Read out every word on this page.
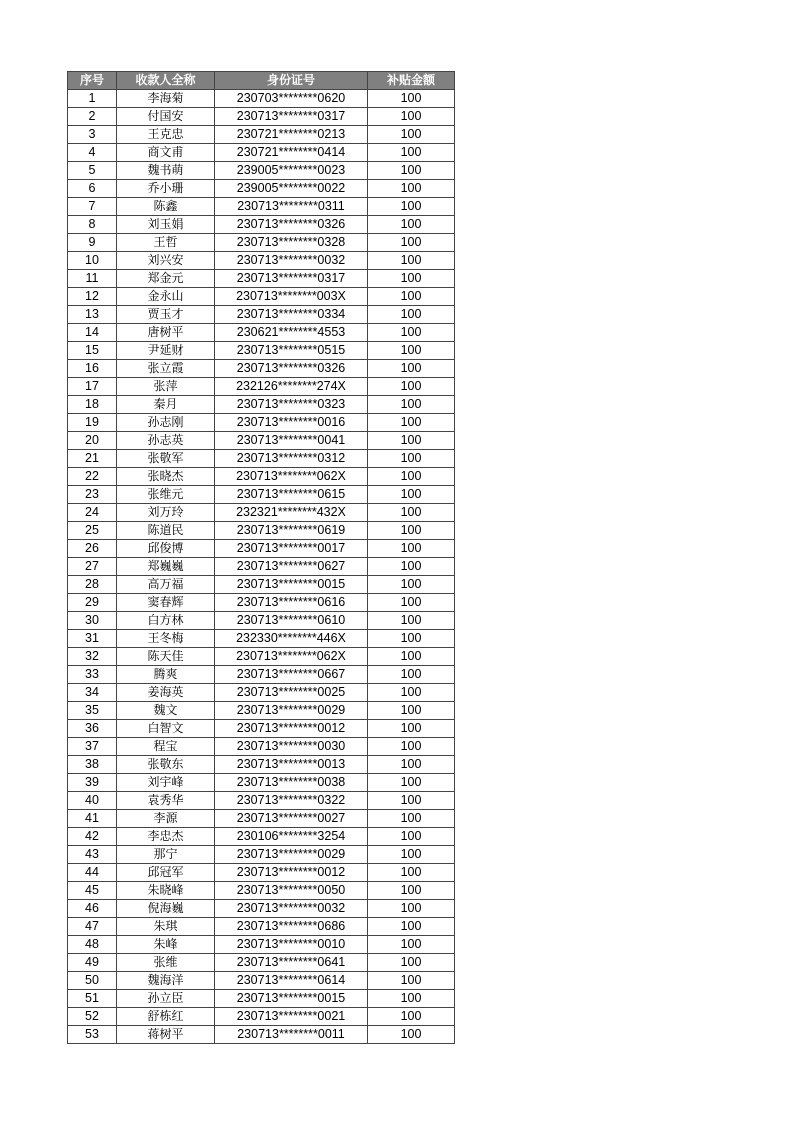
序号	收款人全称	身份证号	补贴金额
1	李海菊	230703********0620	100
2	付国安	230713********0317	100
3	王克忠	230721********0213	100
4	商文甫	230721********0414	100
5	魏书萌	239005********0023	100
6	乔小珊	239005********0022	100
7	陈鑫	230713********0311	100
8	刘玉娟	230713********0326	100
9	王哲	230713********0328	100
10	刘兴安	230713********0032	100
11	郑金元	230713********0317	100
12	金永山	230713********003X	100
13	贾玉才	230713********0334	100
14	唐树平	230621********4553	100
15	尹延财	230713********0515	100
16	张立霞	230713********0326	100
17	张萍	232126********274X	100
18	秦月	230713********0323	100
19	孙志刚	230713********0016	100
20	孙志英	230713********0041	100
21	张敬军	230713********0312	100
22	张晓杰	230713********062X	100
23	张维元	230713********0615	100
24	刘万玲	232321********432X	100
25	陈道民	230713********0619	100
26	邱俊博	230713********0017	100
27	郑巍巍	230713********0627	100
28	高万福	230713********0015	100
29	窦春辉	230713********0616	100
30	白方林	230713********0610	100
31	王冬梅	232330********446X	100
32	陈天佳	230713********062X	100
33	腾爽	230713********0667	100
34	姜海英	230713********0025	100
35	魏文	230713********0029	100
36	白智文	230713********0012	100
37	程宝	230713********0030	100
38	张敬东	230713********0013	100
39	刘宇峰	230713********0038	100
40	袁秀华	230713********0322	100
41	李源	230713********0027	100
42	李忠杰	230106********3254	100
43	那宁	230713********0029	100
44	邱冠军	230713********0012	100
45	朱晓峰	230713********0050	100
46	倪海巍	230713********0032	100
47	朱琪	230713********0686	100
48	朱峰	230713********0010	100
49	张维	230713********0641	100
50	魏海洋	230713********0614	100
51	孙立臣	230713********0015	100
52	舒栋红	230713********0021	100
53	蒋树平	230713********0011	100
